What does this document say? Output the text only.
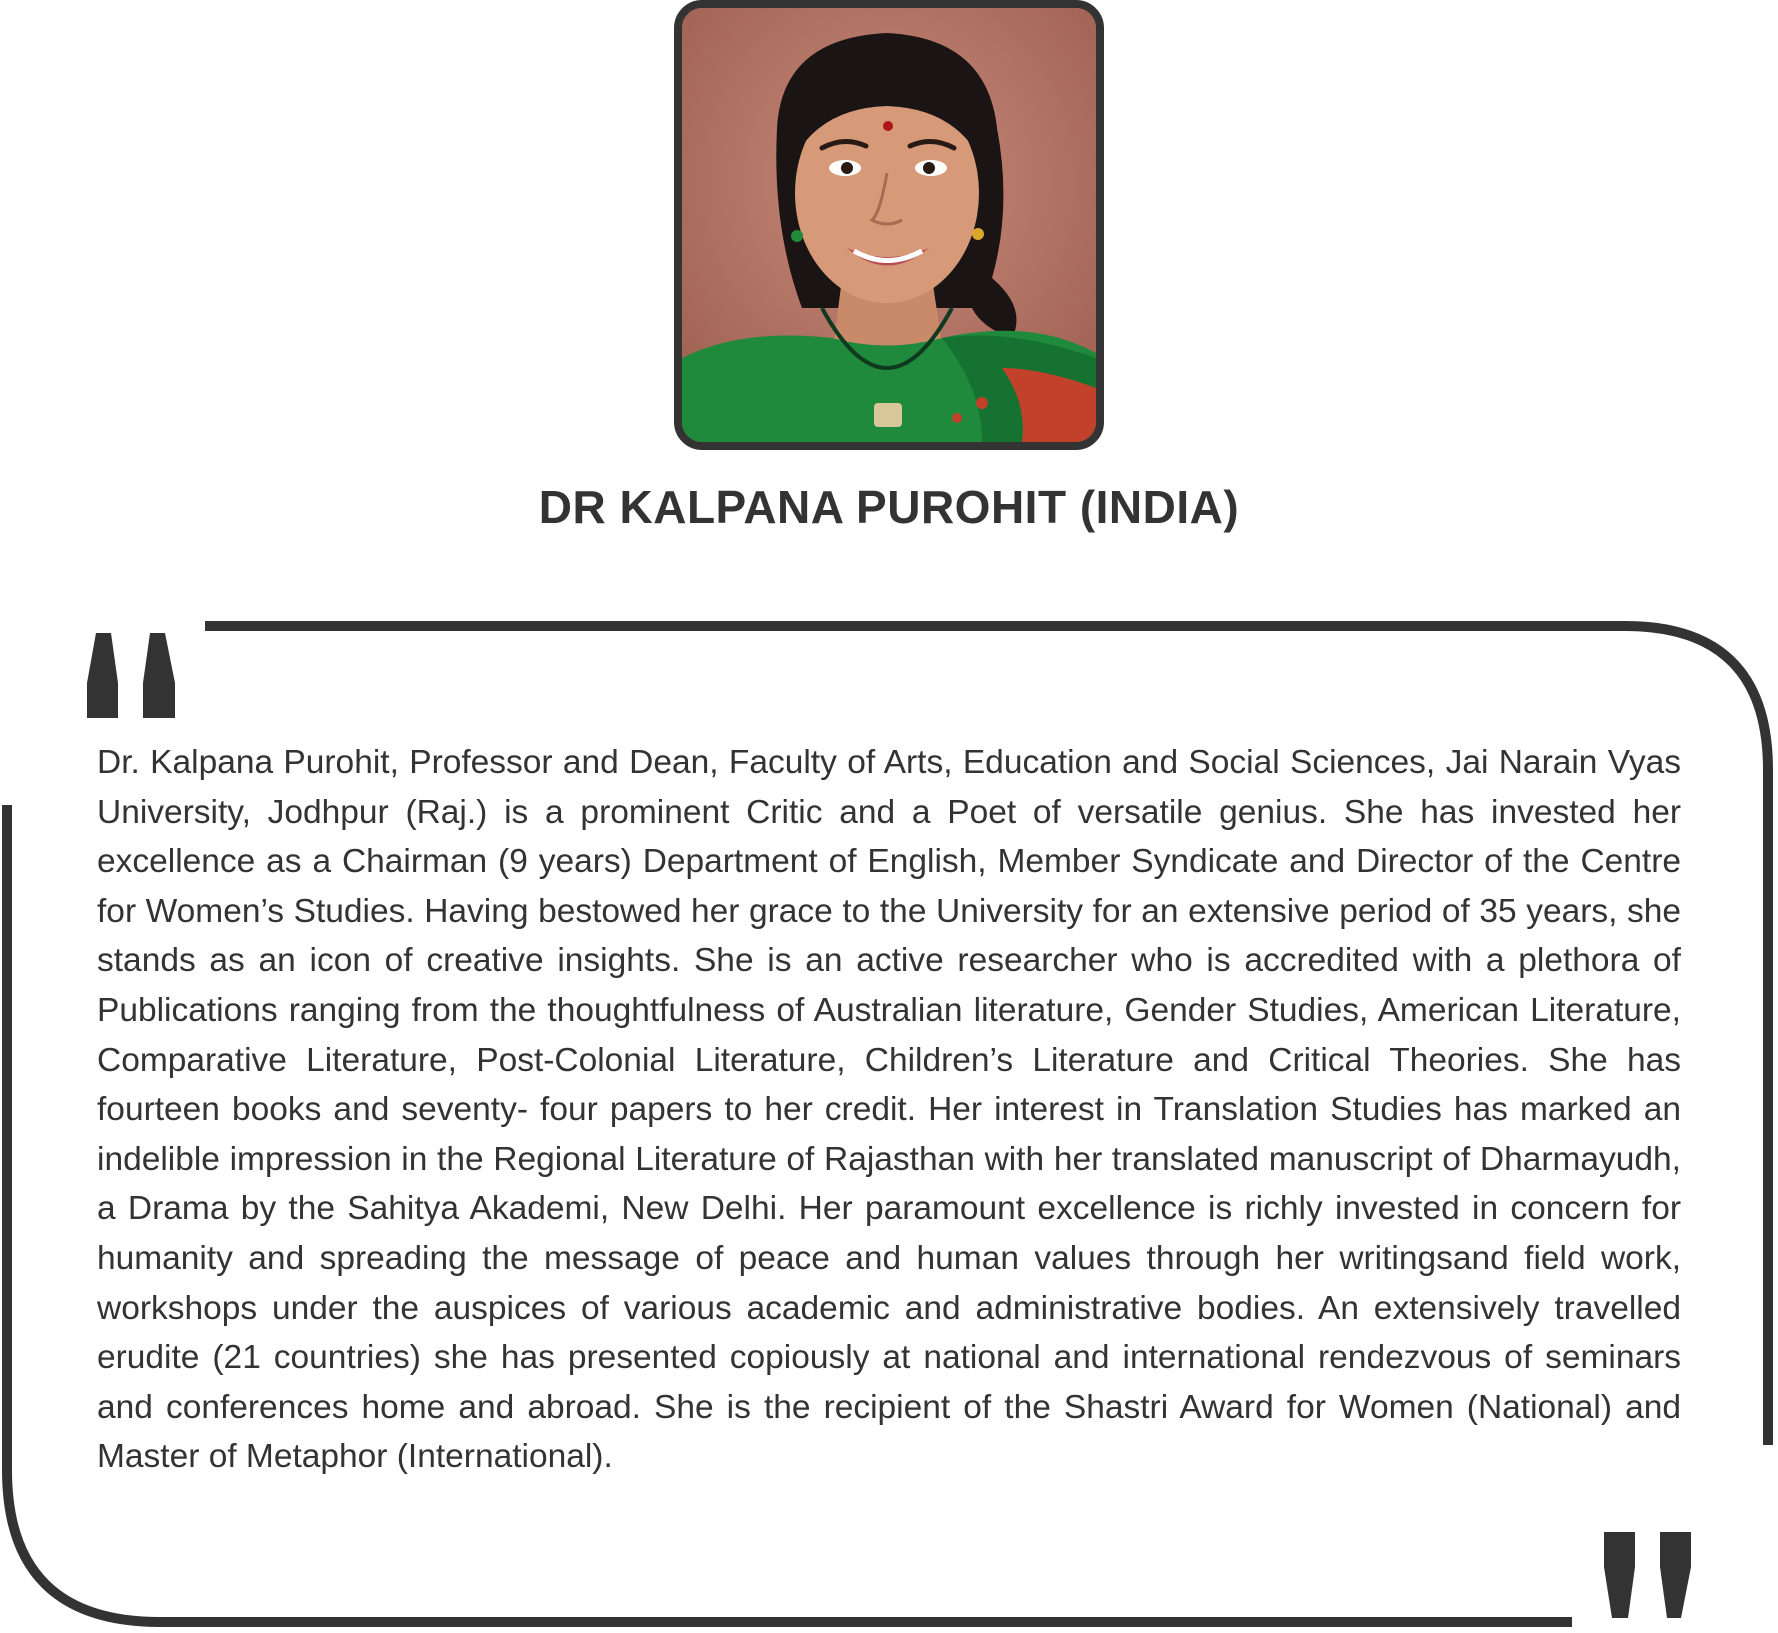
DR KALPANA PUROHIT (INDIA)

Dr. Kalpana Purohit, Professor and Dean, Faculty of Arts, Education and Social Sciences, Jai Narain Vyas University, Jodhpur (Raj.) is a prominent Critic and a Poet of versatile genius. She has invested her excellence as a Chairman (9 years) Department of English, Member Syndicate and Director of the Centre for Women’s Studies. Having bestowed her grace to the University for an extensive period of 35 years, she stands as an icon of creative insights. She is an active researcher who is accredited with a plethora of Publications ranging from the thoughtfulness of Australian literature, Gender Studies, American Literature, Comparative Literature, Post-Colonial Literature, Children’s Literature and Critical Theories. She has fourteen books and seventy- four papers to her credit. Her interest in Translation Studies has marked an indelible impression in the Regional Literature of Rajasthan with her translated manuscript of Dharmayudh, a Drama by the Sahitya Akademi, New Delhi. Her paramount excellence is richly invested in concern for humanity and spreading the message of peace and human values through her writingsand field work, workshops under the auspices of various academic and administrative bodies. An extensively travelled erudite (21 countries) she has presented copiously at national and international rendezvous of seminars and conferences home and abroad. She is the recipient of the Shastri Award for Women (National) and Master of Metaphor (International).
